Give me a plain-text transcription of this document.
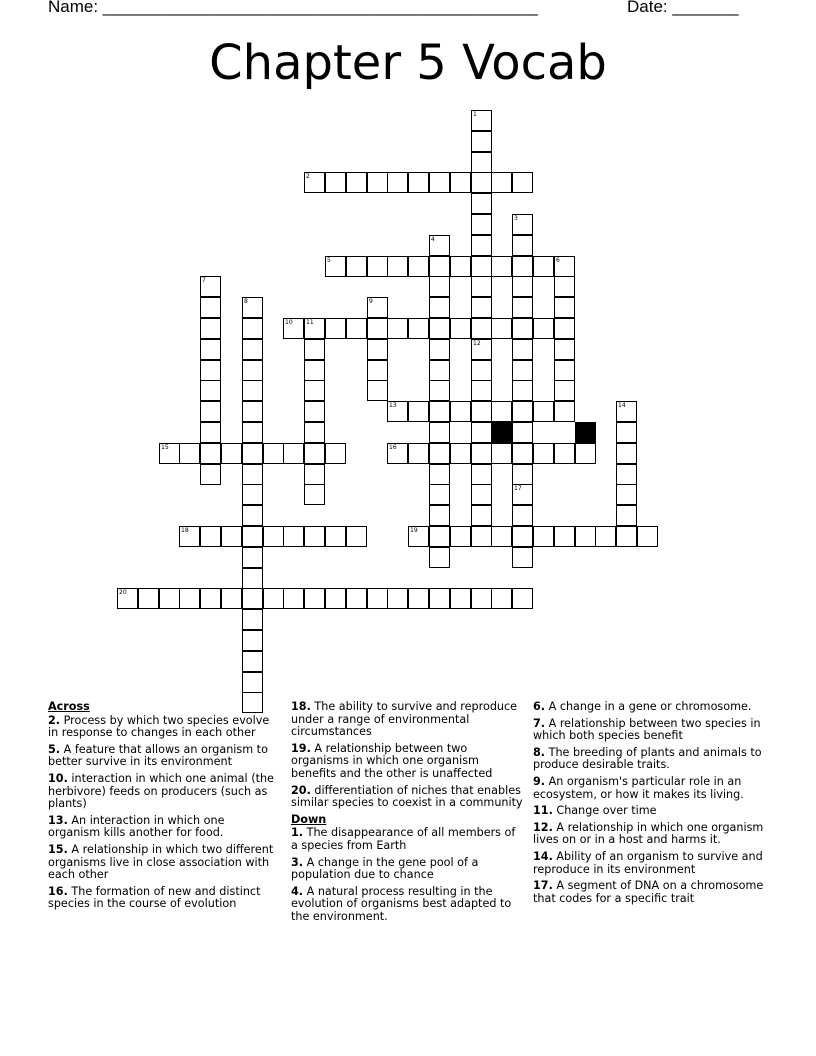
Name: ______________________________________________	Date: _______
Chapter 5 Vocab
1
2
3
4
5	6
7
8	9
10 11
12
13	14
15	16
17
18	19
20
Across
2. Process by which two species evolve in response to changes in each other
5. A feature that allows an organism to better survive in its environment
10. interaction in which one animal (the herbivore) feeds on producers (such as plants)
13. An interaction in which one organism kills another for food.
15. A relationship in which two different organisms live in close association with each other
16. The formation of new and distinct species in the course of evolution
18. The ability to survive and reproduce under a range of environmental circumstances
19. A relationship between two organisms in which one organism benefits and the other is unaffected
20. differentiation of niches that enables similar species to coexist in a community
Down
1. The disappearance of all members of a species from Earth
3. A change in the gene pool of a population due to chance
4. A natural process resulting in the evolution of organisms best adapted to the environment.
6. A change in a gene or chromosome.
7. A relationship between two species in which both species benefit
8. The breeding of plants and animals to produce desirable traits.
9. An organism's particular role in an ecosystem, or how it makes its living.
11. Change over time
12. A relationship in which one organism lives on or in a host and harms it.
14. Ability of an organism to survive and reproduce in its environment
17. A segment of DNA on a chromosome that codes for a specific trait
